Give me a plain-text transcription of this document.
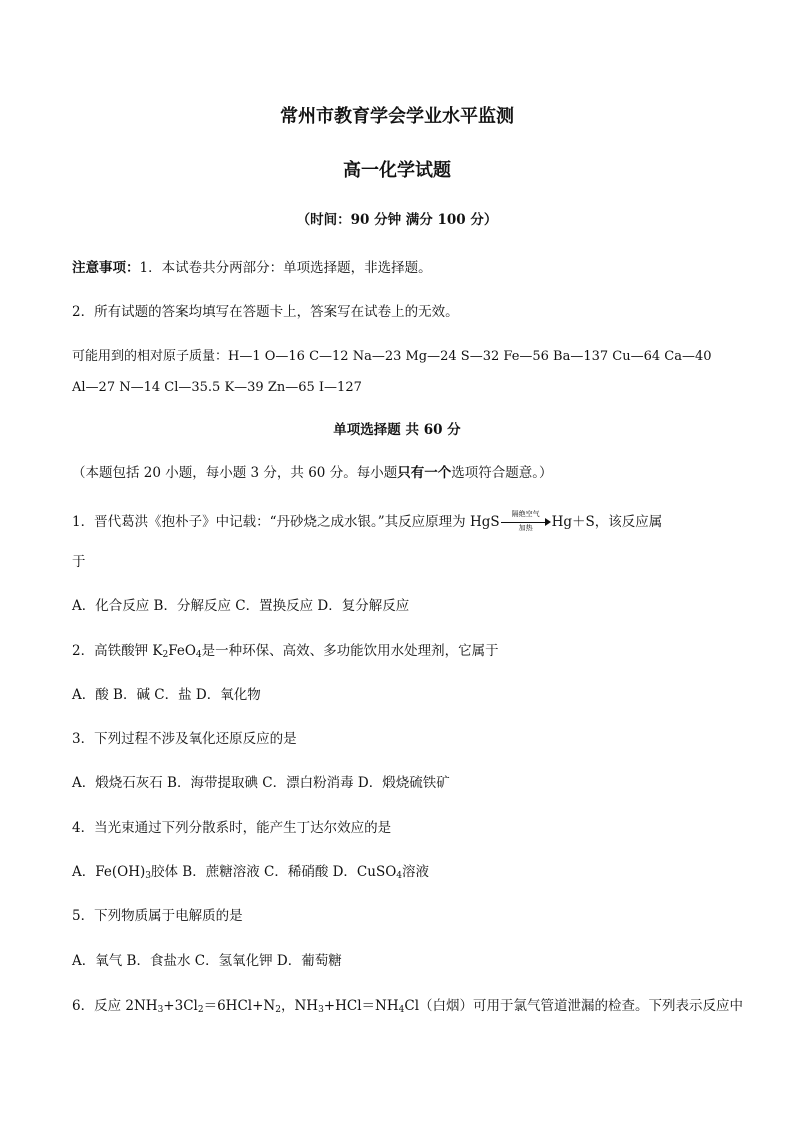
常州市教育学会学业水平监测
高一化学试题
（时间：90 分钟 满分 100 分）
注意事项：1．本试卷共分两部分：单项选择题，非选择题。
2．所有试题的答案均填写在答题卡上，答案写在试卷上的无效。
可能用到的相对原子质量：H—1 O—16 C—12 Na—23 Mg—24 S—32 Fe—56 Ba—137 Cu—64 Ca—40
Al—27 N—14 Cl—35.5 K—39 Zn—65 I—127
单项选择题 共 60 分
（本题包括 20 小题，每小题 3 分，共 60 分。每小题只有一个选项符合题意。）
1．晋代葛洪《抱朴子》中记载：“丹砂烧之成水银。”其反应原理为 HgS
隔绝空气
加热	Hg＋S，该反应属
于
A．化合反应 B．分解反应 C．置换反应 D．复分解反应
2．高铁酸钾 $K_2FeO_4$是一种环保、高效、多功能饮用水处理剂，它属于
A．酸 B．碱 C．盐 D．氧化物
3．下列过程不涉及氧化还原反应的是
A．煅烧石灰石 B．海带提取碘 C．漂白粉消毒 D．煅烧硫铁矿
4．当光束通过下列分散系时，能产生丁达尔效应的是
A．$Fe(OH)_3$胶体 B．蔗糖溶液 C．稀硝酸 D．CuSO$_4$溶液
5．下列物质属于电解质的是
A．氧气 B．食盐水 C．氢氧化钾 D．葡萄糖
6．反应 $2NH_3+3Cl_2=6HCl+N_2$，$NH_3+HCl=NH_4Cl$（白烟）可用于氯气管道泄漏的检查。下列表示反应中
